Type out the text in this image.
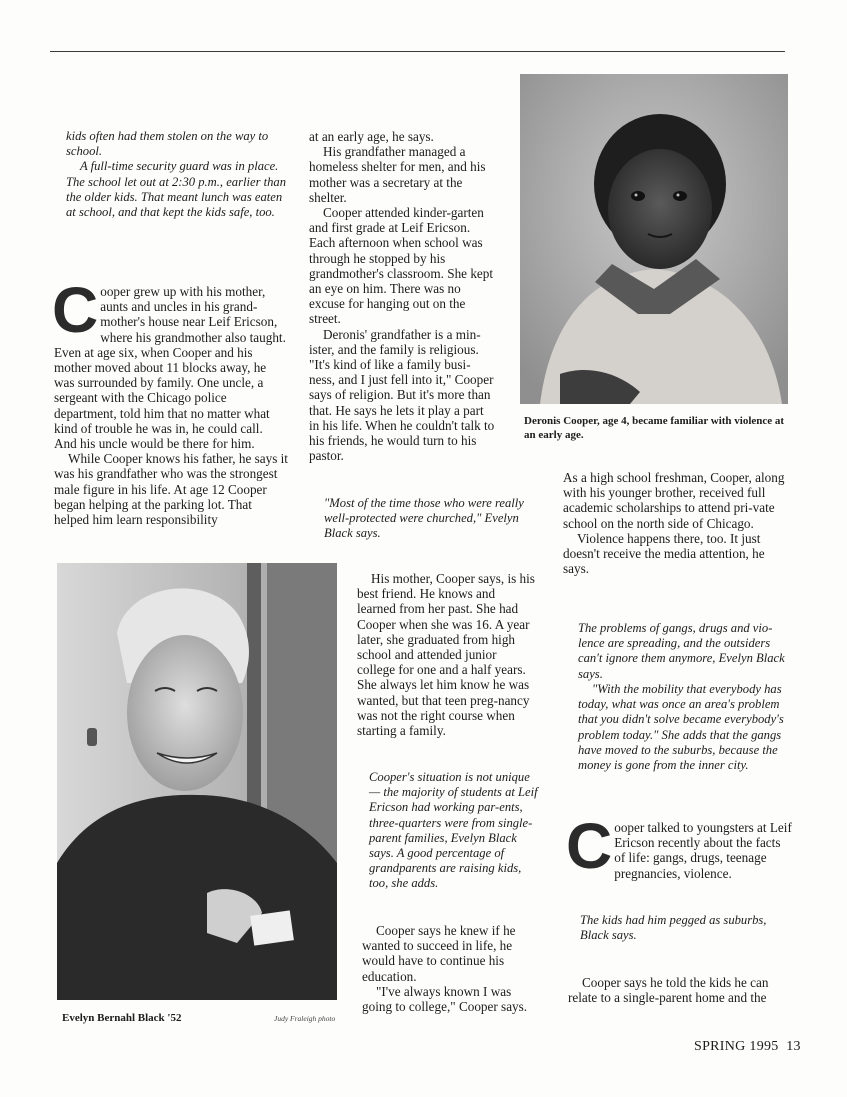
kids often had them stolen on the way to school.

A full-time security guard was in place. The school let out at 2:30 p.m., earlier than the older kids. That meant lunch was eaten at school, and that kept the kids safe, too.

Cooper grew up with his mother, aunts and uncles in his grand-mother's house near Leif Ericson, where his grandmother also taught. Even at age six, when Cooper and his mother moved about 11 blocks away, he was surrounded by family. One uncle, a sergeant with the Chicago police department, told him that no matter what kind of trouble he was in, he could call. And his uncle would be there for him.

While Cooper knows his father, he says it was his grandfather who was the strongest male figure in his life. At age 12 Cooper began helping at the parking lot. That helped him learn responsibility

at an early age, he says.

His grandfather managed a homeless shelter for men, and his mother was a secretary at the shelter.

Cooper attended kinder-garten and first grade at Leif Ericson. Each afternoon when school was through he stopped by his grandmother's classroom. She kept an eye on him. There was no excuse for hanging out on the street.

Deronis' grandfather is a min-ister, and the family is religious. "It's kind of like a family busi-ness, and I just fell into it," Cooper says of religion. But it's more than that. He says he lets it play a part in his life. When he couldn't talk to his friends, he would turn to his pastor.

"Most of the time those who were really well-protected were churched," Evelyn Black says.
Deronis Cooper, age 4, became familiar with violence at an early age.

As a high school freshman, Cooper, along with his younger brother, received full academic scholarships to attend pri-vate school on the north side of Chicago.

Violence happens there, too. It just doesn't receive the media attention, he says.

The problems of gangs, drugs and vio-lence are spreading, and the outsiders can't ignore them anymore, Evelyn Black says.
"With the mobility that everybody has today, what was once an area's problem that you didn't solve became everybody's problem today." She adds that the gangs have moved to the suburbs, because the money is gone from the inner city.

Cooper talked to youngsters at Leif Ericson recently about the facts of life: gangs, drugs, teenage pregnancies, violence.

The kids had him pegged as suburbs, Black says.
Cooper says he told the kids he can relate to a single-parent home and the
Evelyn Bernahl Black '52	Judy Fraleigh photo
His mother, Cooper says, is his best friend. He knows and learned from her past. She had Cooper when she was 16. A year later, she graduated from high school and attended junior college for one and a half years. She always let him know he was wanted, but that teen preg-nancy was not the right course when starting a family.
Cooper's situation is not unique — the majority of students at Leif Ericson had working par-ents, three-quarters were from single-parent families, Evelyn Black says. A good percentage of grandparents are raising kids, too, she adds.

Cooper says he knew if he wanted to succeed in life, he would have to continue his education.

"I've always known I was going to college," Cooper says.

SPRING 1995  13
